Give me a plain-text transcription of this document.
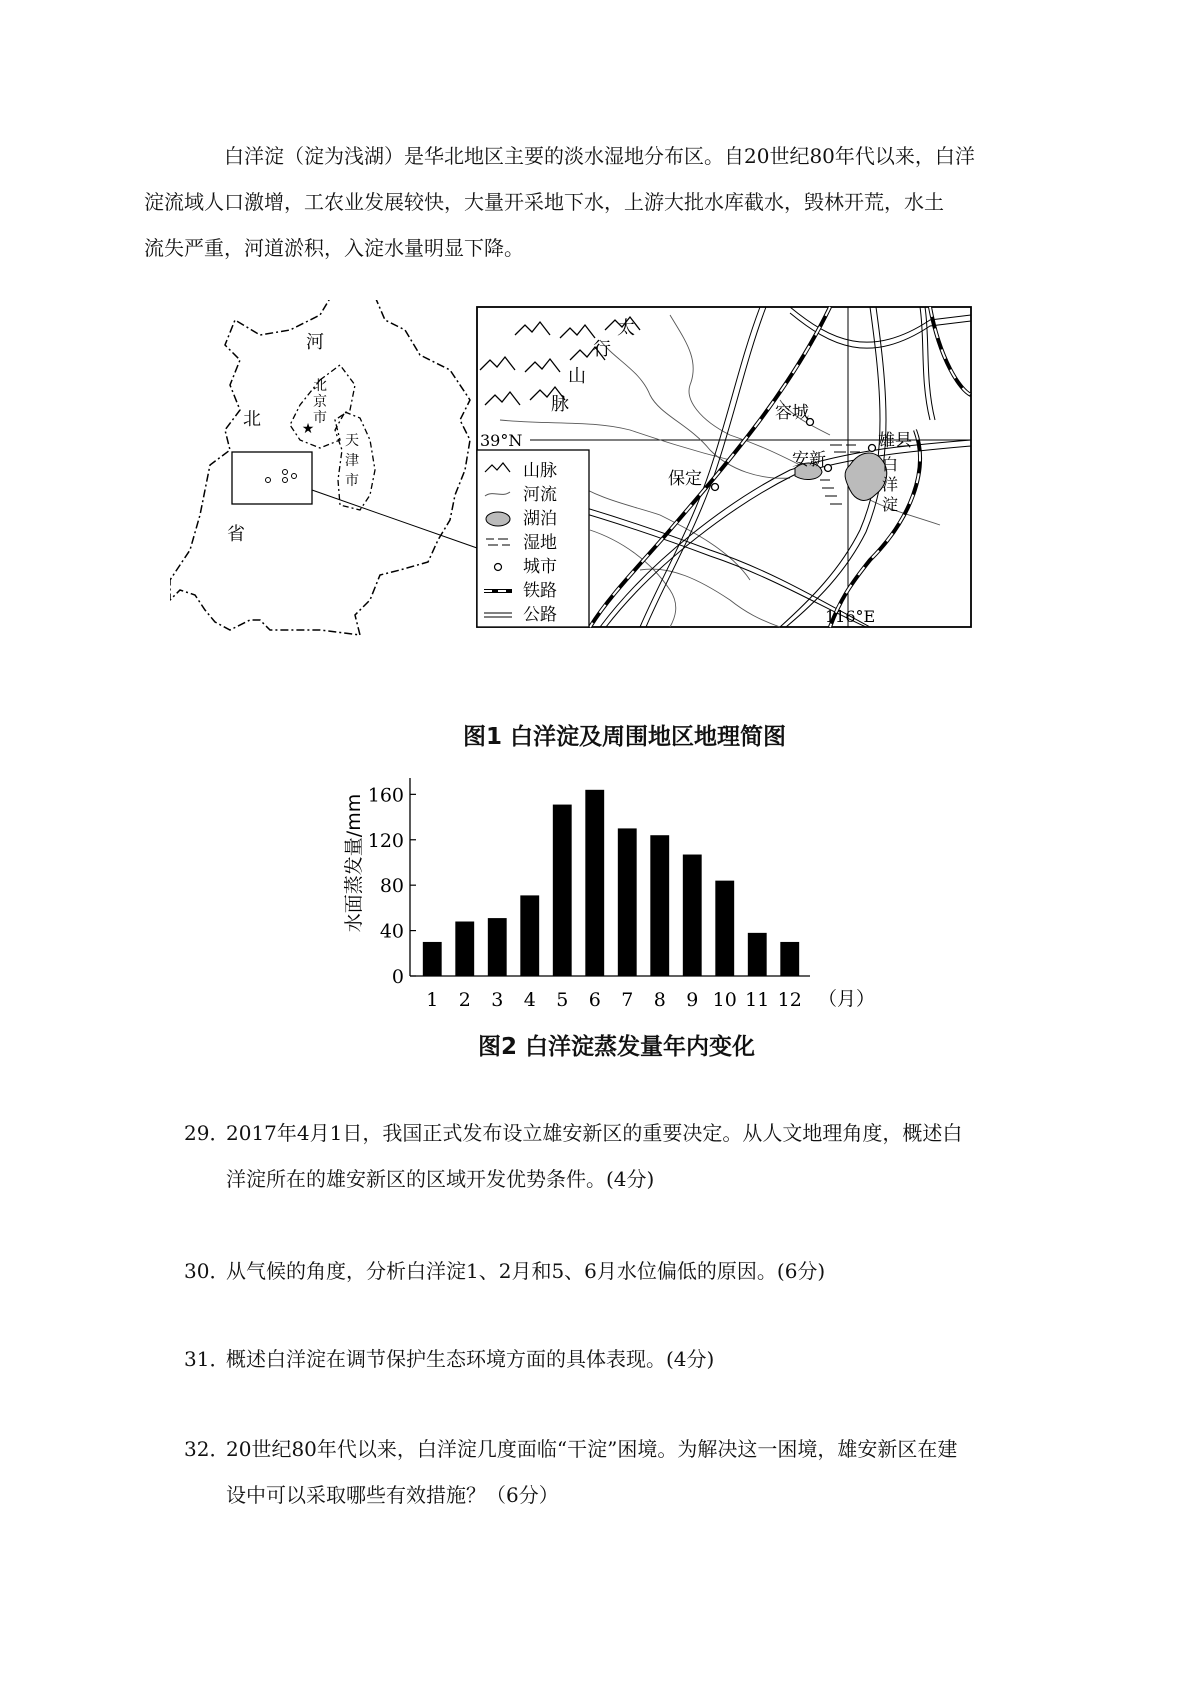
白洋淀（淀为浅湖）是华北地区主要的淡水湿地分布区。自20世纪80年代以来，白洋
淀流域人口激增，工农业发展较快，大量开采地下水，上游大批水库截水，毁林开荒，水土
流失严重，河道淤积，入淀水量明显下降。
河
北
省
北
京
市
★
天
津
市
39°N
116°E
太
行
山
脉
保定
容城
安新
雄县
白
洋
淀
山脉
河流
湖泊
湿地
城市
铁路
公路
图1 白洋淀及周围地区地理简图
水面蒸发量/mm
0
40
80
120
160
1 2 3 4 5 6 7 8 9 10 11 12 （月）
图2 白洋淀蒸发量年内变化
29．2017年4月1日，我国正式发布设立雄安新区的重要决定。从人文地理角度，概述白
洋淀所在的雄安新区的区域开发优势条件。(4分)
30．从气候的角度，分析白洋淀1、2月和5、6月水位偏低的原因。(6分)
31．概述白洋淀在调节保护生态环境方面的具体表现。(4分)
32．20世纪80年代以来，白洋淀几度面临“干淀”困境。为解决这一困境，雄安新区在建
设中可以采取哪些有效措施？（6分）
